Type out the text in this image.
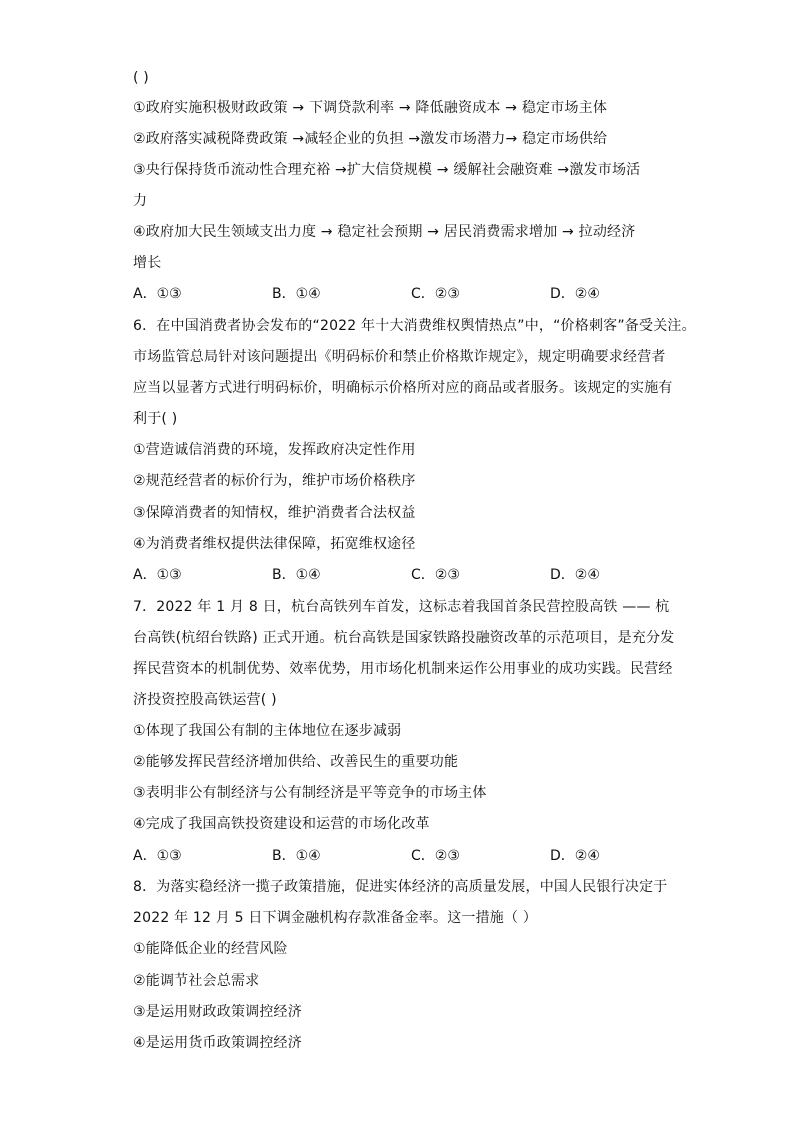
( )
①政府实施积极财政政策 → 下调贷款利率 → 降低融资成本 → 稳定市场主体
②政府落实减税降费政策 →减轻企业的负担 →激发市场潜力→ 稳定市场供给
③央行保持货币流动性合理充裕 →扩大信贷规模 → 缓解社会融资难 →激发市场活
力
④政府加大民生领域支出力度 → 稳定社会预期 → 居民消费需求增加 → 拉动经济
增长
A．①③	B．①④	C．②③	D．②④
6．在中国消费者协会发布的“2022 年十大消费维权舆情热点”中，“价格刺客”备受关注。
市场监管总局针对该问题提出《明码标价和禁止价格欺诈规定》，规定明确要求经营者
应当以显著方式进行明码标价，明确标示价格所对应的商品或者服务。该规定的实施有
利于( )
①营造诚信消费的环境，发挥政府决定性作用
②规范经营者的标价行为，维护市场价格秩序
③保障消费者的知情权，维护消费者合法权益
④为消费者维权提供法律保障，拓宽维权途径
A．①③	B．①④	C．②③	D．②④
7．2022 年 1 月 8 日，杭台高铁列车首发，这标志着我国首条民营控股高铁 —— 杭
台高铁(杭绍台铁路) 正式开通。杭台高铁是国家铁路投融资改革的示范项目，是充分发
挥民营资本的机制优势、效率优势，用市场化机制来运作公用事业的成功实践。民营经
济投资控股高铁运营( )
①体现了我国公有制的主体地位在逐步减弱
②能够发挥民营经济增加供给、改善民生的重要功能
③表明非公有制经济与公有制经济是平等竞争的市场主体
④完成了我国高铁投资建设和运营的市场化改革
A．①③	B．①④	C．②③	D．②④
8．为落实稳经济一揽子政策措施，促进实体经济的高质量发展，中国人民银行决定于
2022 年 12 月 5 日下调金融机构存款准备金率。这一措施（ ）
①能降低企业的经营风险
②能调节社会总需求
③是运用财政政策调控经济
④是运用货币政策调控经济
